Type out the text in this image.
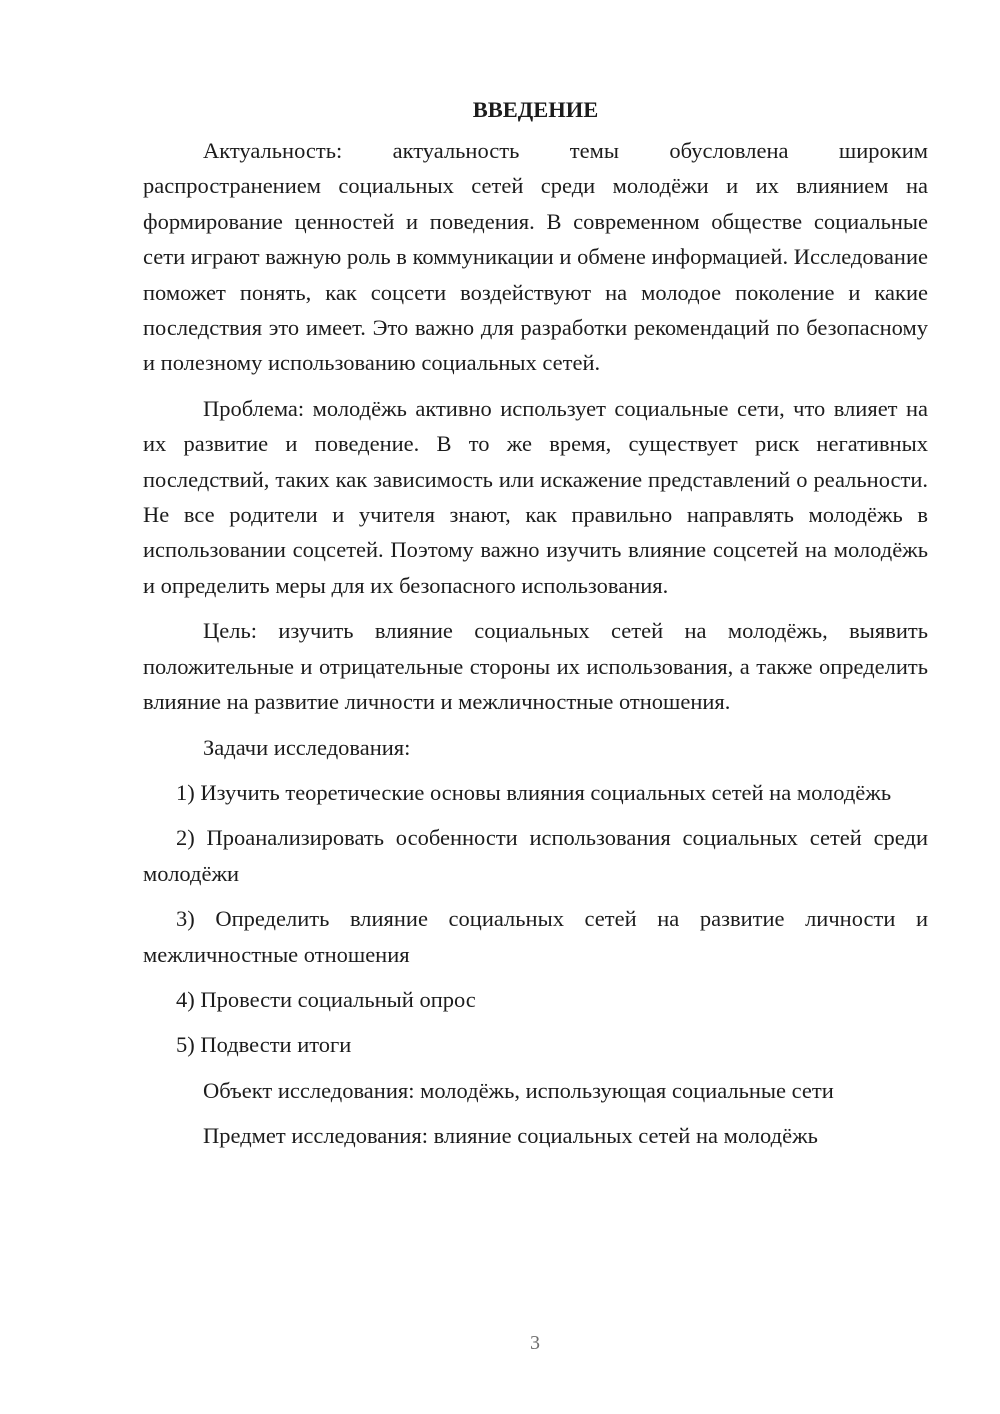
ВВЕДЕНИЕ

Актуальность: актуальность темы обусловлена широким распространением социальных сетей среди молодёжи и их влиянием на формирование ценностей и поведения. В современном обществе социальные сети играют важную роль в коммуникации и обмене информацией. Исследование поможет понять, как соцсети воздействуют на молодое поколение и какие последствия это имеет. Это важно для разработки рекомендаций по безопасному и полезному использованию социальных сетей.

Проблема: молодёжь активно использует социальные сети, что влияет на их развитие и поведение. В то же время, существует риск негативных последствий, таких как зависимость или искажение представлений о реальности. Не все родители и учителя знают, как правильно направлять молодёжь в использовании соцсетей. Поэтому важно изучить влияние соцсетей на молодёжь и определить меры для их безопасного использования.

Цель: изучить влияние социальных сетей на молодёжь, выявить положительные и отрицательные стороны их использования, а также определить влияние на развитие личности и межличностные отношения.

Задачи исследования:

1) Изучить теоретические основы влияния социальных сетей на молодёжь

2) Проанализировать особенности использования социальных сетей среди молодёжи

3) Определить влияние социальных сетей на развитие личности и межличностные отношения

4) Провести социальный опрос

5) Подвести итоги

Объект исследования: молодёжь, использующая социальные сети

Предмет исследования: влияние социальных сетей на молодёжь

3
